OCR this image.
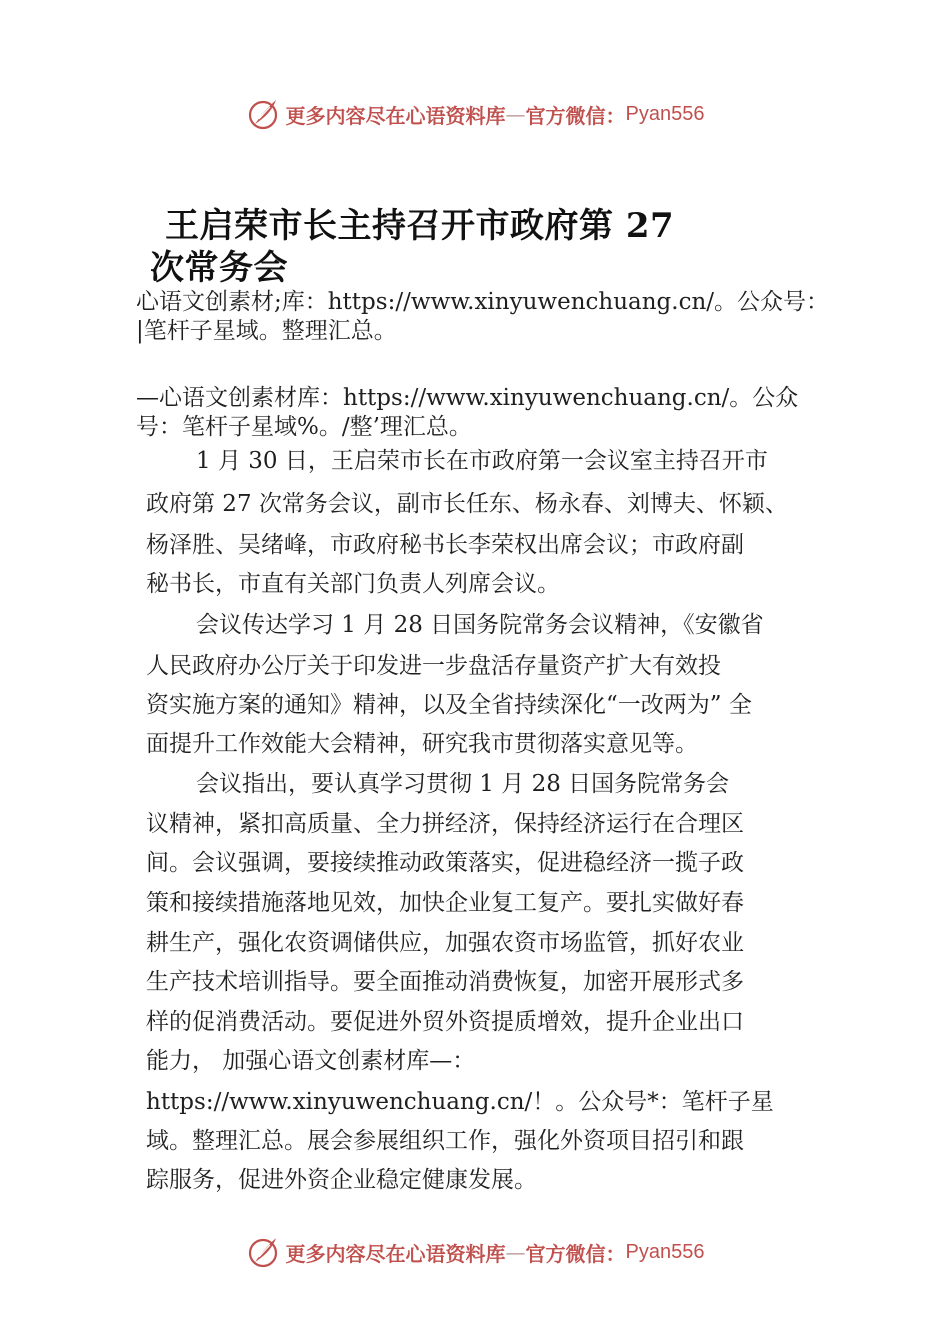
更多内容尽在心语资料库 — 官方微信： Pyan556
王启荣市长主持召开市政府第 27
次常务会
心语文创素材;库：https://www.xinyuwenchuang.cn/。公众号：
|笔杆子星域。整理汇总。
—心语文创素材库：https://www.xinyuwenchuang.cn/。公众
号：笔杆子星域%。/整’理汇总。
1 月 30 日，王启荣市长在市政府第一会议室主持召开市
政府第 27 次常务会议，副市长任东、杨永春、刘博夫、怀颖、
杨泽胜、吴绪峰，市政府秘书长李荣权出席会议；市政府副
秘书长，市直有关部门负责人列席会议。
会议传达学习 1 月 28 日国务院常务会议精神，《安徽省
人民政府办公厅关于印发进一步盘活存量资产扩大有效投
资实施方案的通知》精神，以及全省持续深化“一改两为” 全
面提升工作效能大会精神，研究我市贯彻落实意见等。
会议指出，要认真学习贯彻 1 月 28 日国务院常务会
议精神，紧扣高质量、全力拼经济，保持经济运行在合理区
间。会议强调，要接续推动政策落实，促进稳经济一揽子政
策和接续措施落地见效，加快企业复工复产。要扎实做好春
耕生产，强化农资调储供应，加强农资市场监管，抓好农业
生产技术培训指导。要全面推动消费恢复，加密开展形式多
样的促消费活动。要促进外贸外资提质增效，提升企业出口
能力， 加强心语文创素材库—：
https://www.xinyuwenchuang.cn/！。公众号*：笔杆子星
域。整理汇总。展会参展组织工作，强化外资项目招引和跟
踪服务，促进外资企业稳定健康发展。
更多内容尽在心语资料库 — 官方微信： Pyan556
